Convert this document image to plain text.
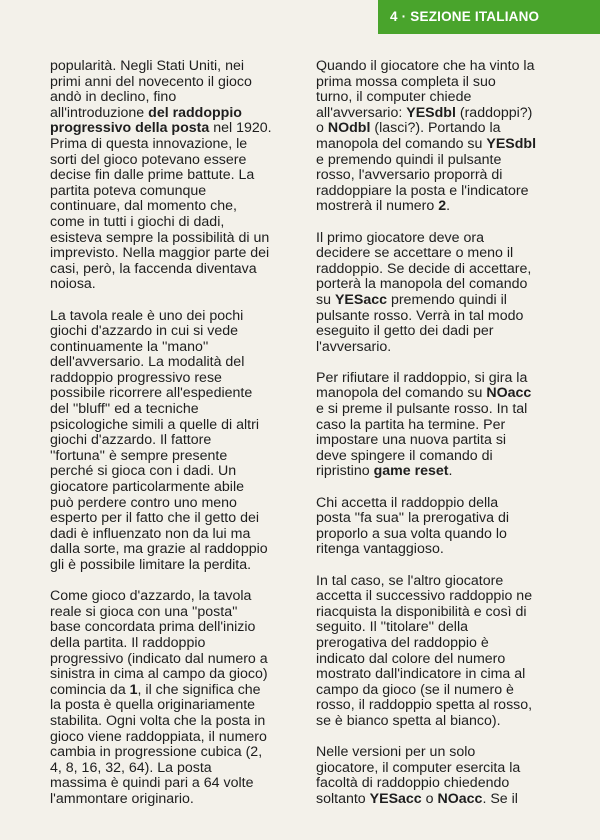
4 · SEZIONE ITALIANO
popularità. Negli Stati Uniti, nei
primi anni del novecento il gioco
andò in declino, fino
all'introduzione del raddoppio
progressivo della posta nel 1920.
Prima di questa innovazione, le
sorti del gioco potevano essere
decise fin dalle prime battute. La
partita poteva comunque
continuare, dal momento che,
come in tutti i giochi di dadi,
esisteva sempre la possibilità di un
imprevisto. Nella maggior parte dei
casi, però, la faccenda diventava
noiosa.
La tavola reale è uno dei pochi
giochi d'azzardo in cui si vede
continuamente la ''mano''
dell'avversario. La modalità del
raddoppio progressivo rese
possibile ricorrere all'espediente
del ''bluff'' ed a tecniche
psicologiche simili a quelle di altri
giochi d'azzardo. Il fattore
''fortuna'' è sempre presente
perché si gioca con i dadi. Un
giocatore particolarmente abile
può perdere contro uno meno
esperto per il fatto che il getto dei
dadi è influenzato non da lui ma
dalla sorte, ma grazie al raddoppio
gli è possibile limitare la perdita.
Come gioco d'azzardo, la tavola
reale si gioca con una ''posta''
base concordata prima dell'inizio
della partita. Il raddoppio
progressivo (indicato dal numero a
sinistra in cima al campo da gioco)
comincia da 1, il che significa che
la posta è quella originariamente
stabilita. Ogni volta che la posta in
gioco viene raddoppiata, il numero
cambia in progressione cubica (2,
4, 8, 16, 32, 64). La posta
massima è quindi pari a 64 volte
l'ammontare originario.
Quando il giocatore che ha vinto la
prima mossa completa il suo
turno, il computer chiede
all'avversario: YESdbl (raddoppi?)
o NOdbl (lasci?). Portando la
manopola del comando su YESdbl
e premendo quindi il pulsante
rosso, l'avversario proporrà di
raddoppiare la posta e l'indicatore
mostrerà il numero 2.
Il primo giocatore deve ora
decidere se accettare o meno il
raddoppio. Se decide di accettare,
porterà la manopola del comando
su YESacc premendo quindi il
pulsante rosso. Verrà in tal modo
eseguito il getto dei dadi per
l'avversario.
Per rifiutare il raddoppio, si gira la
manopola del comando su NOacc
e si preme il pulsante rosso. In tal
caso la partita ha termine. Per
impostare una nuova partita si
deve spingere il comando di
ripristino game reset.
Chi accetta il raddoppio della
posta ''fa sua'' la prerogativa di
proporlo a sua volta quando lo
ritenga vantaggioso.
In tal caso, se l'altro giocatore
accetta il successivo raddoppio ne
riacquista la disponibilità e così di
seguito. Il ''titolare'' della
prerogativa del raddoppio è
indicato dal colore del numero
mostrato dall'indicatore in cima al
campo da gioco (se il numero è
rosso, il raddoppio spetta al rosso,
se è bianco spetta al bianco).
Nelle versioni per un solo
giocatore, il computer esercita la
facoltà di raddoppio chiedendo
soltanto YESacc o NOacc. Se il
